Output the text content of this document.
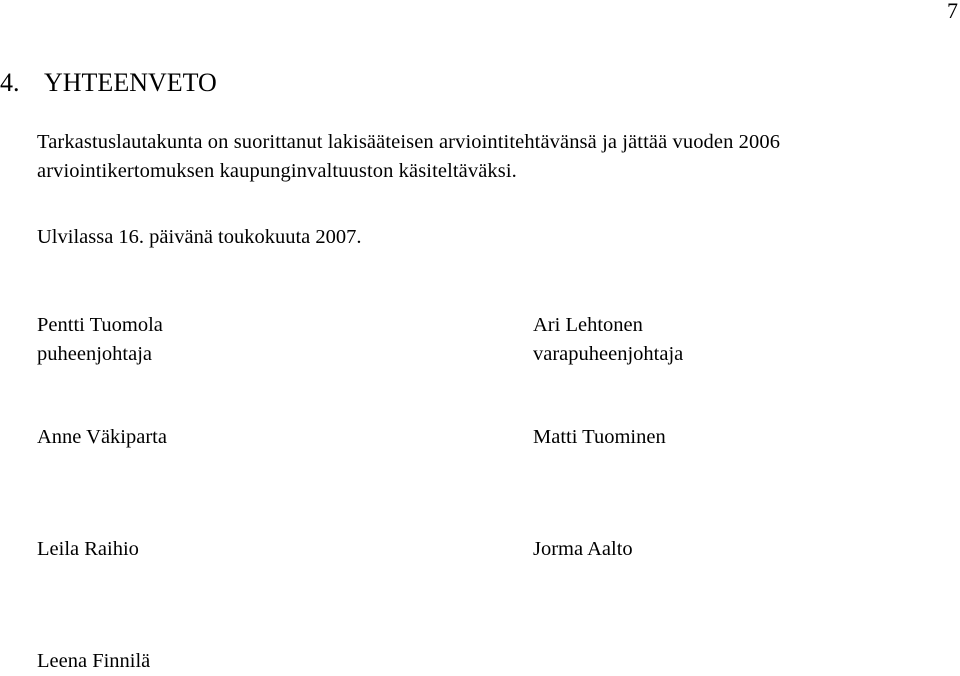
7
4. YHTEENVETO
Tarkastuslautakunta on suorittanut lakisääteisen arviointitehtävänsä ja jättää vuoden 2006
arviointikertomuksen kaupunginvaltuuston käsiteltäväksi.
Ulvilassa 16. päivänä toukokuuta 2007.
Pentti Tuomola
puheenjohtaja
Ari Lehtonen
varapuheenjohtaja
Anne Väkiparta	Matti Tuominen
Leila Raihio	Jorma Aalto
Leena Finnilä
